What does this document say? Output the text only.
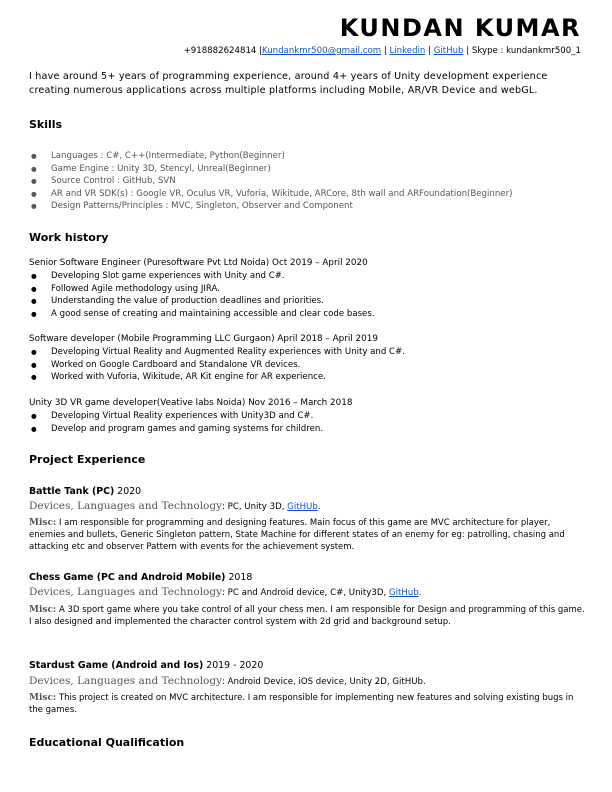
KUNDAN KUMAR
+918882624814 |Kundankmr500@gmail.com | Linkedin | GitHub | Skype : kundankmr500_1
I have around 5+ years of programming experience, around 4+ years of Unity development experience creating numerous applications across multiple platforms including Mobile, AR/VR Device and webGL.
Skills
● Languages : C#, C++(Intermediate, Python(Beginner)
● Game Engine : Unity 3D, Stencyl, Unreal(Beginner)
● Source Control : GitHub, SVN
● AR and VR SDK(s) : Google VR, Oculus VR, Vuforia, Wikitude, ARCore, 8th wall and ARFoundation(Beginner)
● Design Patterns/Principles : MVC, Singleton, Observer and Component
Work history
Senior Software Engineer (Puresoftware Pvt Ltd Noida) Oct 2019 – April 2020
● Developing Slot game experiences with Unity and C#.
● Followed Agile methodology using JIRA.
● Understanding the value of production deadlines and priorities.
● A good sense of creating and maintaining accessible and clear code bases.
Software developer (Mobile Programming LLC Gurgaon) April 2018 – April 2019
● Developing Virtual Reality and Augmented Reality experiences with Unity and C#.
● Worked on Google Cardboard and Standalone VR devices.
● Worked with Vuforia, Wikitude, AR Kit engine for AR experience.
Unity 3D VR game developer(Veative labs Noida) Nov 2016 – March 2018
● Developing Virtual Reality experiences with Unity3D and C#.
● Develop and program games and gaming systems for children.
Project Experience
Battle Tank (PC) 2020
Devices, Languages and Technology: PC, Unity 3D, GitHUb.
Misc: I am responsible for programming and designing features. Main focus of this game are MVC architecture for player, enemies and bullets, Generic Singleton pattern, State Machine for different states of an enemy for eg: patrolling, chasing and attacking etc and observer Pattern with events for the achievement system.
Chess Game (PC and Android Mobile) 2018
Devices, Languages and Technology: PC and Android device, C#, Unity3D, GitHub.
Misc: A 3D sport game where you take control of all your chess men. I am responsible for Design and programming of this game. I also designed and implemented the character control system with 2d grid and background setup.
Stardust Game (Android and Ios) 2019 - 2020
Devices, Languages and Technology: Android Device, iOS device, Unity 2D, GitHUb.
Misc: This project is created on MVC architecture. I am responsible for implementing new features and solving existing bugs in the games.
Educational Qualification
